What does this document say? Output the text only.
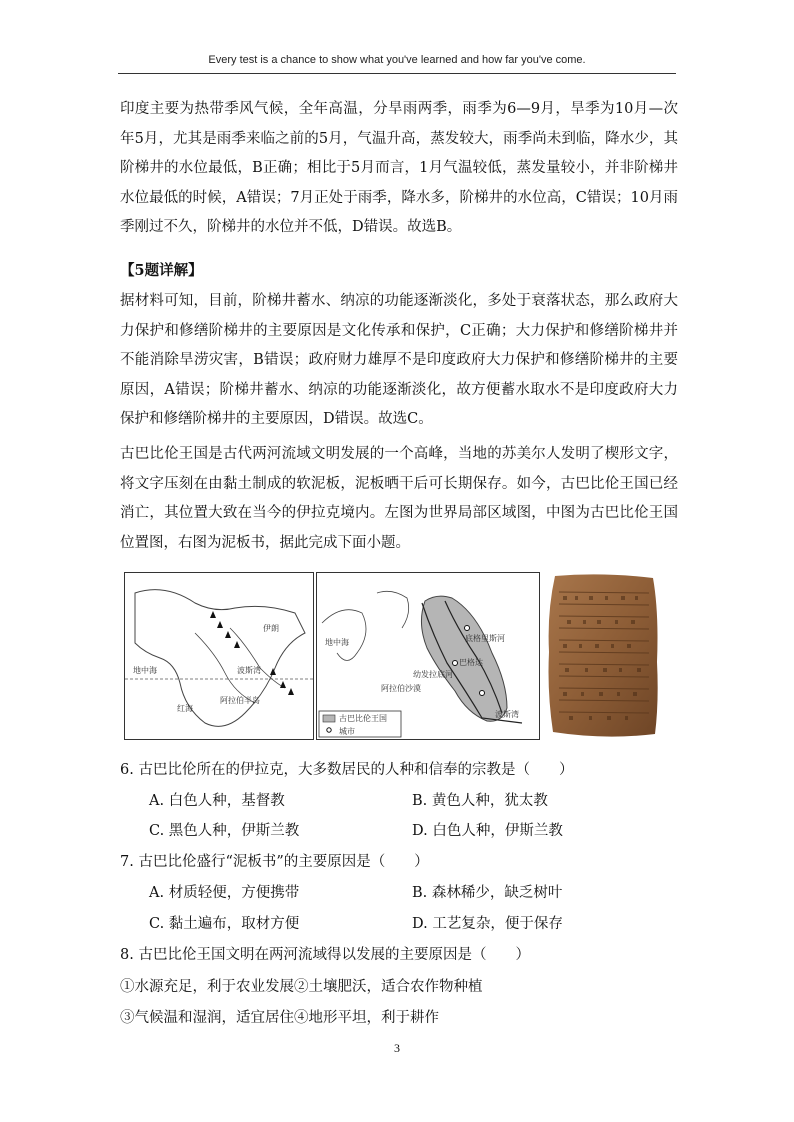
Every test is a chance to show what you've learned and how far you've come.
印度主要为热带季风气候，全年高温，分旱雨两季，雨季为6—9月，旱季为10月—次年5月，尤其是雨季来临之前的5月，气温升高，蒸发较大，雨季尚未到临，降水少，其阶梯井的水位最低，B正确；相比于5月而言，1月气温较低，蒸发量较小，并非阶梯井水位最低的时候，A错误；7月正处于雨季，降水多，阶梯井的水位高，C错误；10月雨季刚过不久，阶梯井的水位并不低，D错误。故选B。
【5题详解】
据材料可知，目前，阶梯井蓄水、纳凉的功能逐渐淡化，多处于衰落状态，那么政府大力保护和修缮阶梯井的主要原因是文化传承和保护，C正确；大力保护和修缮阶梯井并不能消除旱涝灾害，B错误；政府财力雄厚不是印度政府大力保护和修缮阶梯井的主要原因，A错误；阶梯井蓄水、纳凉的功能逐渐淡化，故方便蓄水取水不是印度政府大力保护和修缮阶梯井的主要原因，D错误。故选C。
古巴比伦王国是古代两河流域文明发展的一个高峰，当地的苏美尔人发明了楔形文字，将文字压刻在由黏土制成的软泥板，泥板晒干后可长期保存。如今，古巴比伦王国已经消亡，其位置大致在当今的伊拉克境内。左图为世界局部区域图，中图为古巴比伦王国位置图，右图为泥板书，据此完成下面小题。
伊朗
波斯湾
阿拉伯半岛
地中海
红海
幼发拉底河
底格里斯河
巴格达
阿拉伯沙漠
地中海
波斯湾
古巴比伦王国
城市
6. 古巴比伦所在的伊拉克，大多数居民的人种和信奉的宗教是（　　）
A. 白色人种，基督教	B. 黄色人种，犹太教
C. 黑色人种，伊斯兰教	D. 白色人种，伊斯兰教
7. 古巴比伦盛行“泥板书”的主要原因是（　　）
A. 材质轻便，方便携带	B. 森林稀少，缺乏树叶
C. 黏土遍布，取材方便	D. 工艺复杂，便于保存
8. 古巴比伦王国文明在两河流域得以发展的主要原因是（　　）
①水源充足，利于农业发展②土壤肥沃，适合农作物种植
③气候温和湿润，适宜居住④地形平坦，利于耕作
3
